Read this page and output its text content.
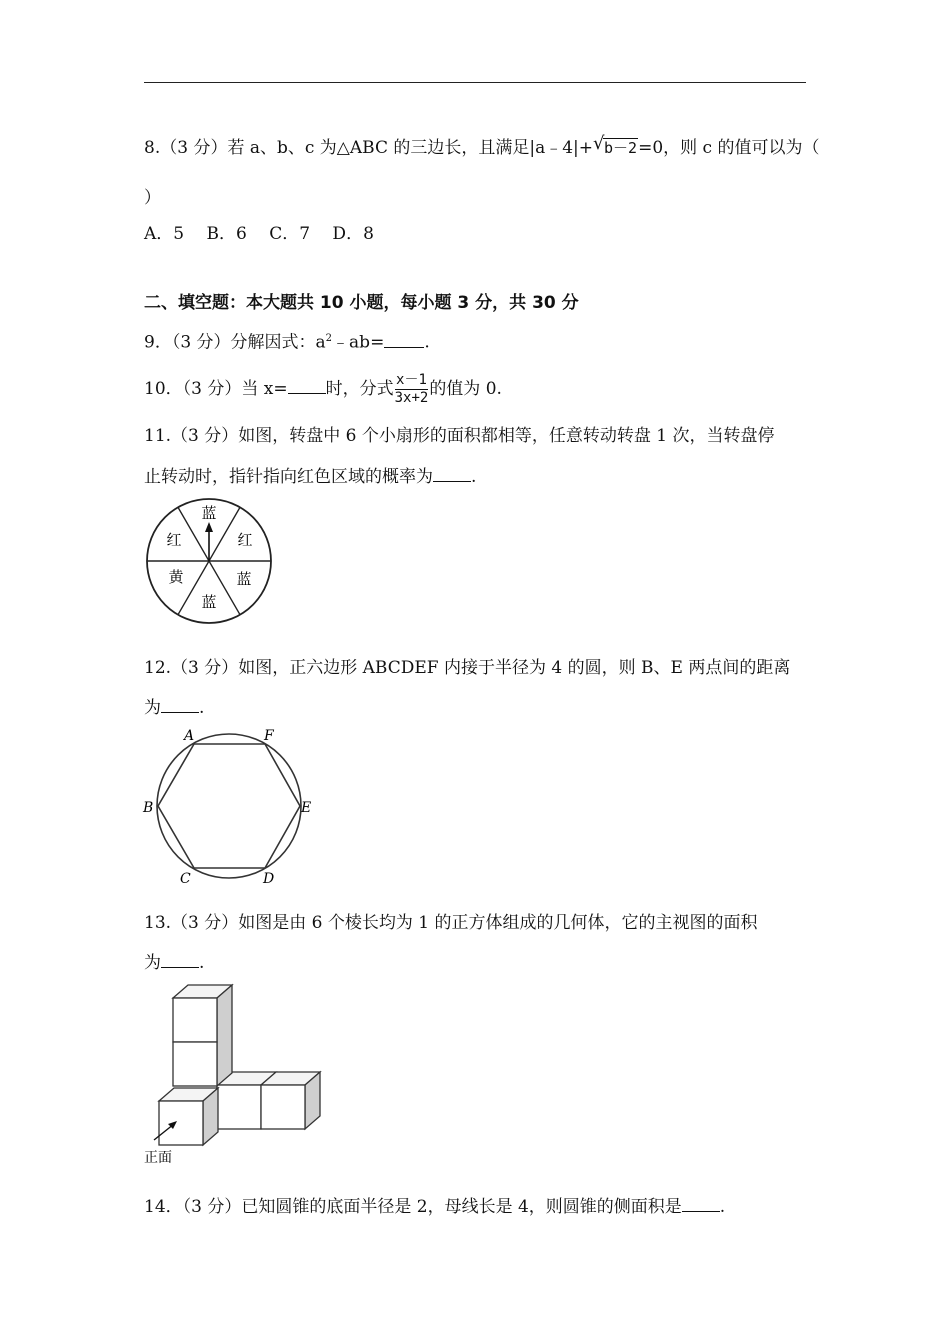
8.（3 分）若 a、b、c 为△ABC 的三边长，且满足|a﹣4|+ √ b－2=0，则 c 的值可以为（
）
A．5　 B．6　 C．7　 D．8
二、填空题：本大题共 10 小题，每小题 3 分，共 30 分
9．（3 分）分解因式：$a^2﹣ab=$ .
10．（3 分）当 x= 时，分式 $\frac{x-1}{3x+2}$ 的值为 0.
11.（3 分）如图，转盘中 6 个小扇形的面积都相等，任意转动转盘 1 次，当转盘停
止转动时，指针指向红色区域的概率为 .
蓝
红	红
黄	蓝
蓝
12.（3 分）如图，正六边形 ABCDEF 内接于半径为 4 的圆，则 B、E 两点间的距离
为 .
A	F
B	E
C	D
13.（3 分）如图是由 6 个棱长均为 1 的正方体组成的几何体，它的主视图的面积
为 .
正面
14．（3 分）已知圆锥的底面半径是 2，母线长是 4，则圆锥的侧面积是 .
